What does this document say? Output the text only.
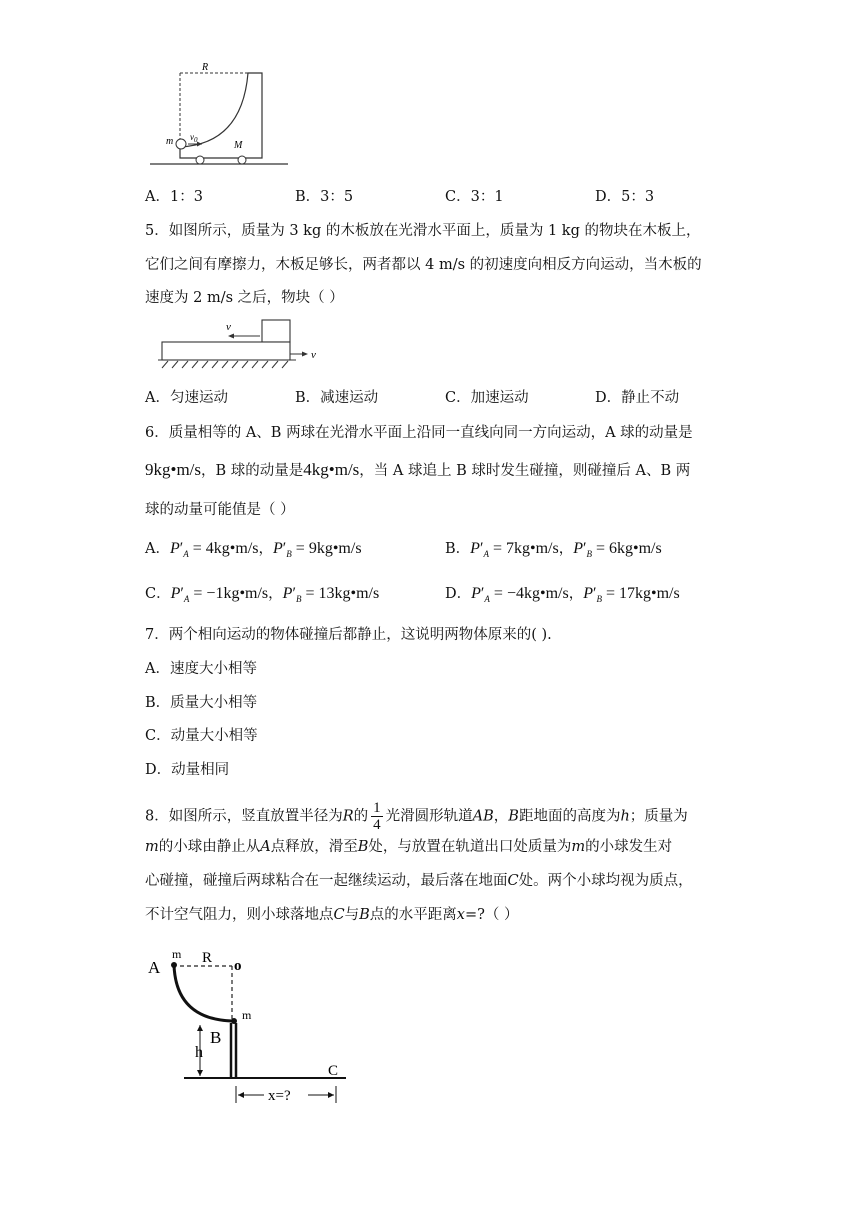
R
m $v_0$	M
A．1：3	B．3：5	C．3：1	D．5：3
5．如图所示，质量为 3 kg 的木板放在光滑水平面上，质量为 1 kg 的物块在木板上，
它们之间有摩擦力，木板足够长，两者都以 4 m/s 的初速度向相反方向运动，当木板的
速度为 2 m/s 之后，物块（ ）
v
v
A．匀速运动	B．减速运动	C．加速运动	D．静止不动
6．质量相等的 A、B 两球在光滑水平面上沿同一直线向同一方向运动，A 球的动量是
9kg•m/s，B 球的动量是4kg•m/s，当 A 球追上 B 球时发生碰撞，则碰撞后 A、B 两
球的动量可能值是（ ）
A．$P'_A$ = 4kg•m/s，$P'_B$ = 9kg•m/s	B．$P'_A$ = 7kg•m/s，$P'_B$ = 6kg•m/s
C．$P'_A$ = −1kg•m/s，$P'_B$ = 13kg•m/s	D．$P'_A$ = −4kg•m/s，$P'_B$ = 17kg•m/s
7．两个相向运动的物体碰撞后都静止，这说明两物体原来的( ).
A．速度大小相等
B．质量大小相等
C．动量大小相等
D．动量相同
8．如图所示，竖直放置半径为R的 $\frac{1}{4}$ 光滑圆形轨道AB，B距地面的高度为h；质量为
m的小球由静止从A点释放，滑至B处，与放置在轨道出口处质量为m的小球发生对
心碰撞，碰撞后两球粘合在一起继续运动，最后落在地面C处。两个小球均视为质点，
不计空气阻力，则小球落地点C与B点的水平距离x=?（ ）
A
m R o
B
m
h
C
x=?
